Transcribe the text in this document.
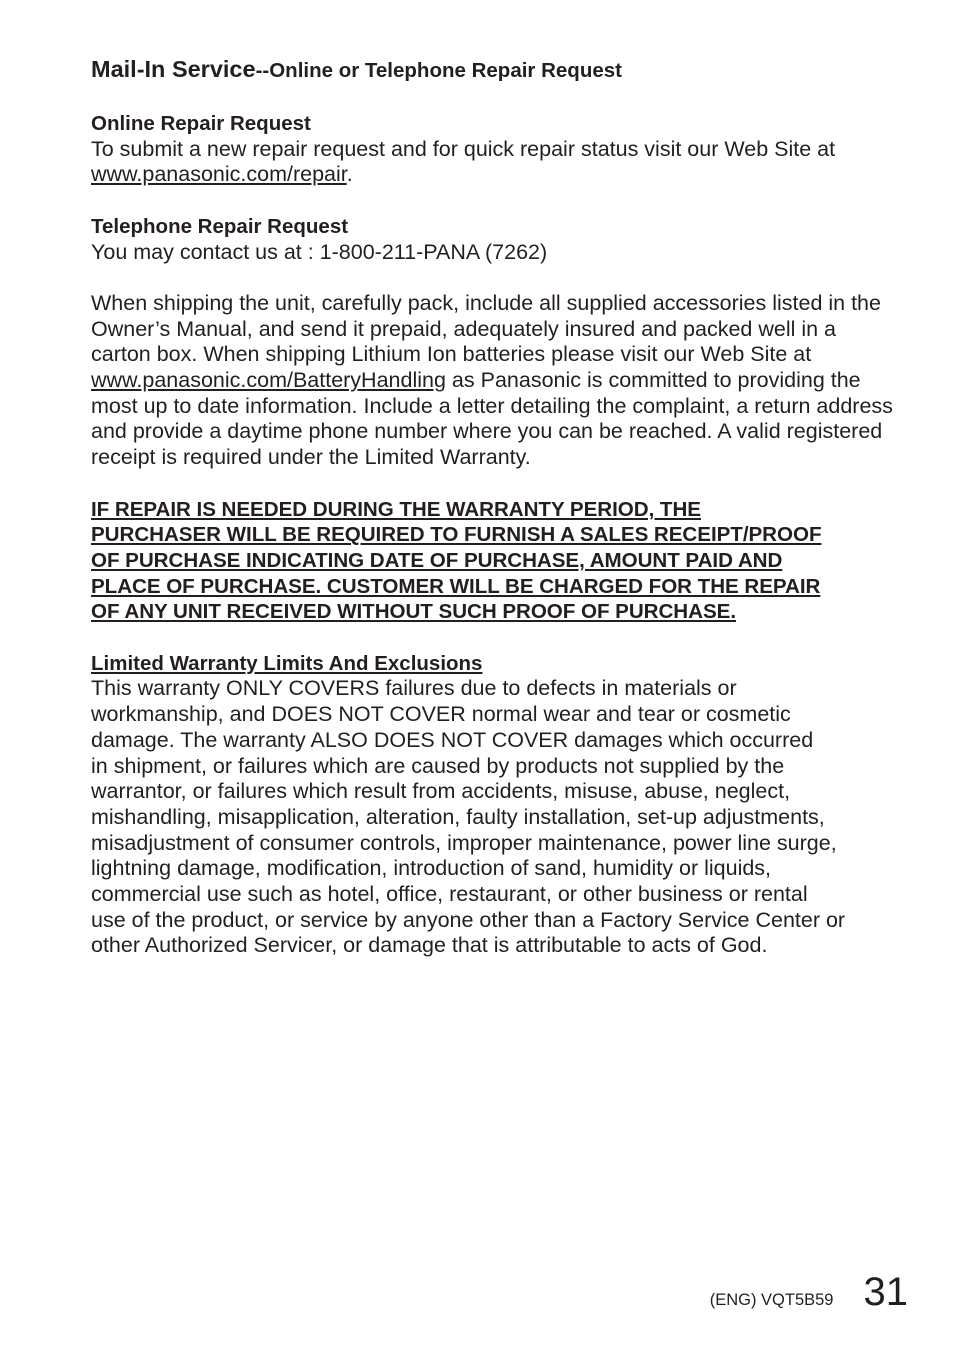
Mail-In Service--Online or Telephone Repair Request
Online Repair Request

To submit a new repair request and for quick repair status visit our Web Site at
www.panasonic.com/repair.

Telephone Repair Request

You may contact us at : 1-800-211-PANA (7262)

When shipping the unit, carefully pack, include all supplied accessories listed in the Owner’s Manual, and send it prepaid, adequately insured and packed well in a carton box. When shipping Lithium Ion batteries please visit our Web Site at www.panasonic.com/BatteryHandling as Panasonic is committed to providing the most up to date information. Include a letter detailing the complaint, a return address and provide a daytime phone number where you can be reached. A valid registered receipt is required under the Limited Warranty.

IF REPAIR IS NEEDED DURING THE WARRANTY PERIOD, THE
PURCHASER WILL BE REQUIRED TO FURNISH A SALES RECEIPT/PROOF
OF PURCHASE INDICATING DATE OF PURCHASE, AMOUNT PAID AND
PLACE OF PURCHASE. CUSTOMER WILL BE CHARGED FOR THE REPAIR
OF ANY UNIT RECEIVED WITHOUT SUCH PROOF OF PURCHASE.
Limited Warranty Limits And Exclusions
This warranty ONLY COVERS failures due to defects in materials or
workmanship, and DOES NOT COVER normal wear and tear or cosmetic
damage. The warranty ALSO DOES NOT COVER damages which occurred
in shipment, or failures which are caused by products not supplied by the
warrantor, or failures which result from accidents, misuse, abuse, neglect,
mishandling, misapplication, alteration, faulty installation, set-up adjustments,
misadjustment of consumer controls, improper maintenance, power line surge,
lightning damage, modification, introduction of sand, humidity or liquids,
commercial use such as hotel, office, restaurant, or other business or rental
use of the product, or service by anyone other than a Factory Service Center or
other Authorized Servicer, or damage that is attributable to acts of God.
(ENG) VQT5B59 31
